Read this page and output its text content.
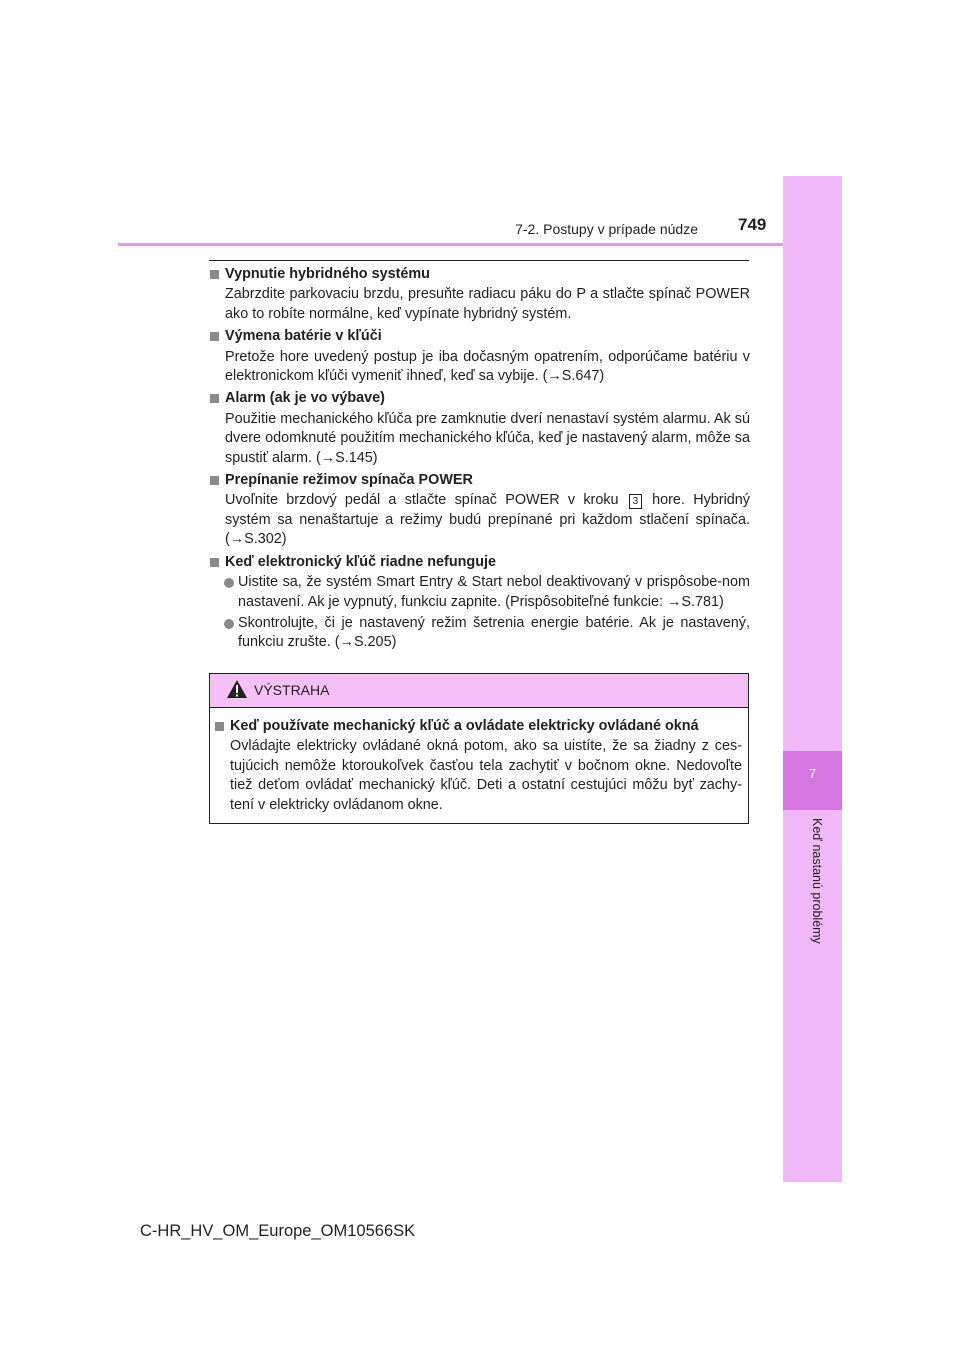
7
Keď nastanú problémy
7-2. Postupy v prípade núdze 749

Vypnutie hybridného systému

Zabrzdite parkovaciu brzdu, presuňte radiacu páku do P a stlačte spínač POWER ako to robíte normálne, keď vypínate hybridný systém.

Výmena batérie v kľúči

Pretože hore uvedený postup je iba dočasným opatrením, odporúčame batériu v elektronickom kľúči vymeniť ihneď, keď sa vybije. (→S.647)

Alarm (ak je vo výbave)

Použitie mechanického kľúča pre zamknutie dverí nenastaví systém alarmu. Ak sú dvere odomknuté použitím mechanického kľúča, keď je nastavený alarm, môže sa spustiť alarm. (→S.145)

Prepínanie režimov spínača POWER

Uvoľnite brzdový pedál a stlačte spínač POWER v kroku 3 hore. Hybridný systém sa nenaštartuje a režimy budú prepínané pri každom stlačení spínača. (→S.302)

Keď elektronický kľúč riadne nefunguje

Uistite sa, že systém Smart Entry & Start nebol deaktivovaný v prispôsobe-nom nastavení. Ak je vypnutý, funkciu zapnite. (Prispôsobiteľné funkcie: →S.781)
Skontrolujte, či je nastavený režim šetrenia energie batérie. Ak je nastavený, funkciu zrušte. (→S.205)
VÝSTRAHA

Keď používate mechanický kľúč a ovládate elektricky ovládané okná

Ovládajte elektricky ovládané okná potom, ako sa uistíte, že sa žiadny z ces-tujúcich nemôže ktoroukoľvek časťou tela zachytiť v bočnom okne. Nedovoľte tiež deťom ovládať mechanický kľúč. Deti a ostatní cestujúci môžu byť zachy-tení v elektricky ovládanom okne.

C-HR_HV_OM_Europe_OM10566SK
